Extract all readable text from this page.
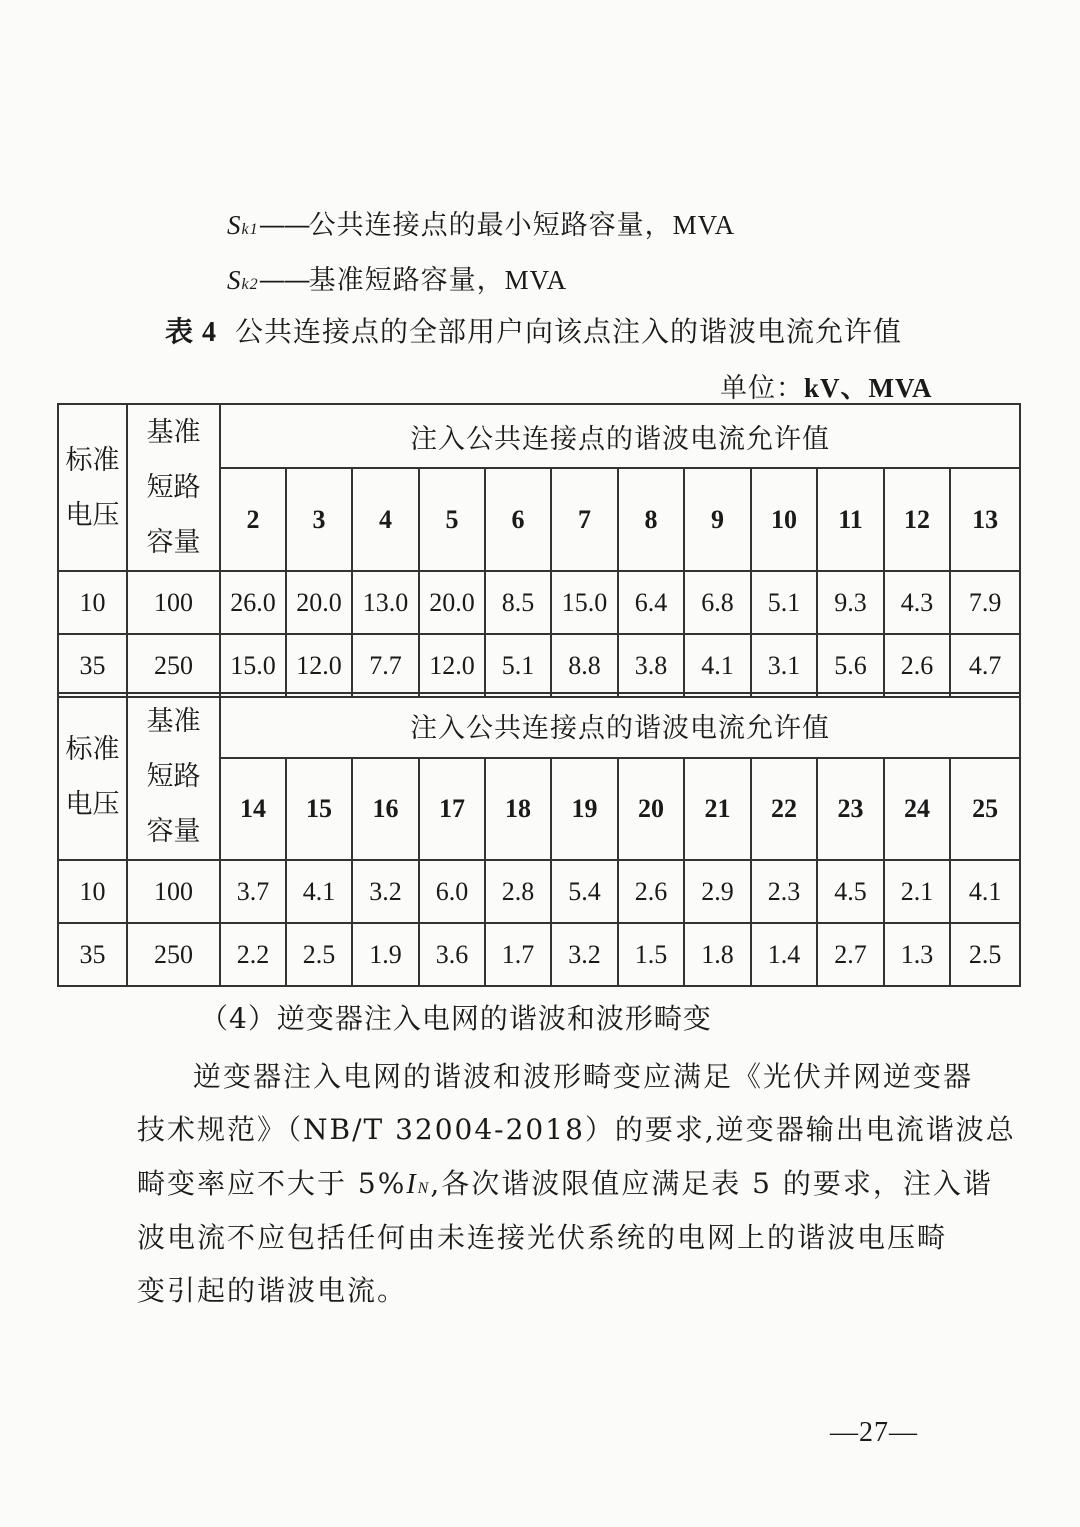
Sk1——公共连接点的最小短路容量，MVA
Sk2——基准短路容量，MVA
表 4 公共连接点的全部用户向该点注入的谐波电流允许值
单位：kV、MVA
标准电压	基准短路容量	注入公共连接点的谐波电流允许值											
		2	3	4	5	6	7	8	9	10	11	12	13
10	100	26.0	20.0	13.0	20.0	8.5	15.0	6.4	6.8	5.1	9.3	4.3	7.9
35	250	15.0	12.0	7.7	12.0	5.1	8.8	3.8	4.1	3.1	5.6	2.6	4.7
标准电压	基准短路容量	注入公共连接点的谐波电流允许值											
		14	15	16	17	18	19	20	21	22	23	24	25
10	100	3.7	4.1	3.2	6.0	2.8	5.4	2.6	2.9	2.3	4.5	2.1	4.1
35	250	2.2	2.5	1.9	3.6	1.7	3.2	1.5	1.8	1.4	2.7	1.3	2.5
（4）逆变器注入电网的谐波和波形畸变
逆变器注入电网的谐波和波形畸变应满足《光伏并网逆变器
技术规范》（NB/T 32004-2018）的要求,逆变器输出电流谐波总
畸变率应不大于 5%IN,各次谐波限值应满足表 5 的要求，注入谐
波电流不应包括任何由未连接光伏系统的电网上的谐波电压畸
变引起的谐波电流。
—27—
